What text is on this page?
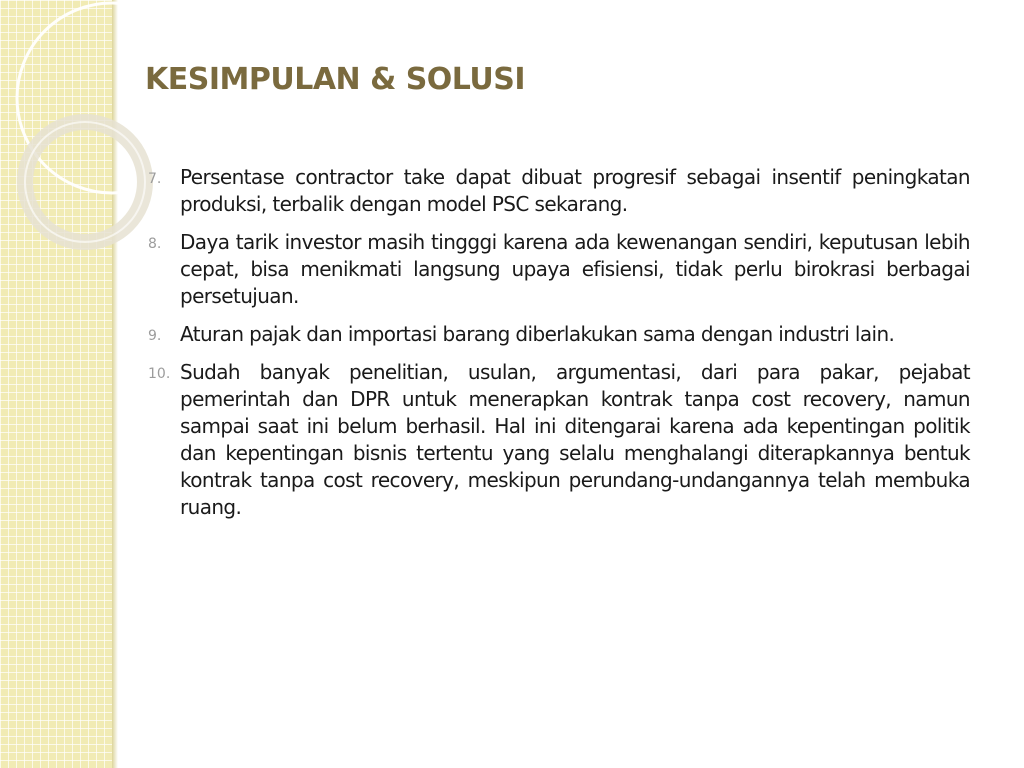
KESIMPULAN & SOLUSI
7. Persentase contractor take dapat dibuat progresif sebagai insentif peningkatan produksi, terbalik dengan model PSC sekarang.
8. Daya tarik investor masih tingggi karena ada kewenangan sendiri, keputusan lebih cepat, bisa menikmati langsung upaya efisiensi, tidak perlu birokrasi berbagai persetujuan.
9. Aturan pajak dan importasi barang diberlakukan sama dengan industri lain.
10. Sudah banyak penelitian, usulan, argumentasi, dari para pakar, pejabat pemerintah dan DPR untuk menerapkan kontrak tanpa cost recovery, namun sampai saat ini belum berhasil. Hal ini ditengarai karena ada kepentingan politik dan kepentingan bisnis tertentu yang selalu menghalangi diterapkannya bentuk kontrak tanpa cost recovery, meskipun perundang-undangannya telah membuka ruang.
